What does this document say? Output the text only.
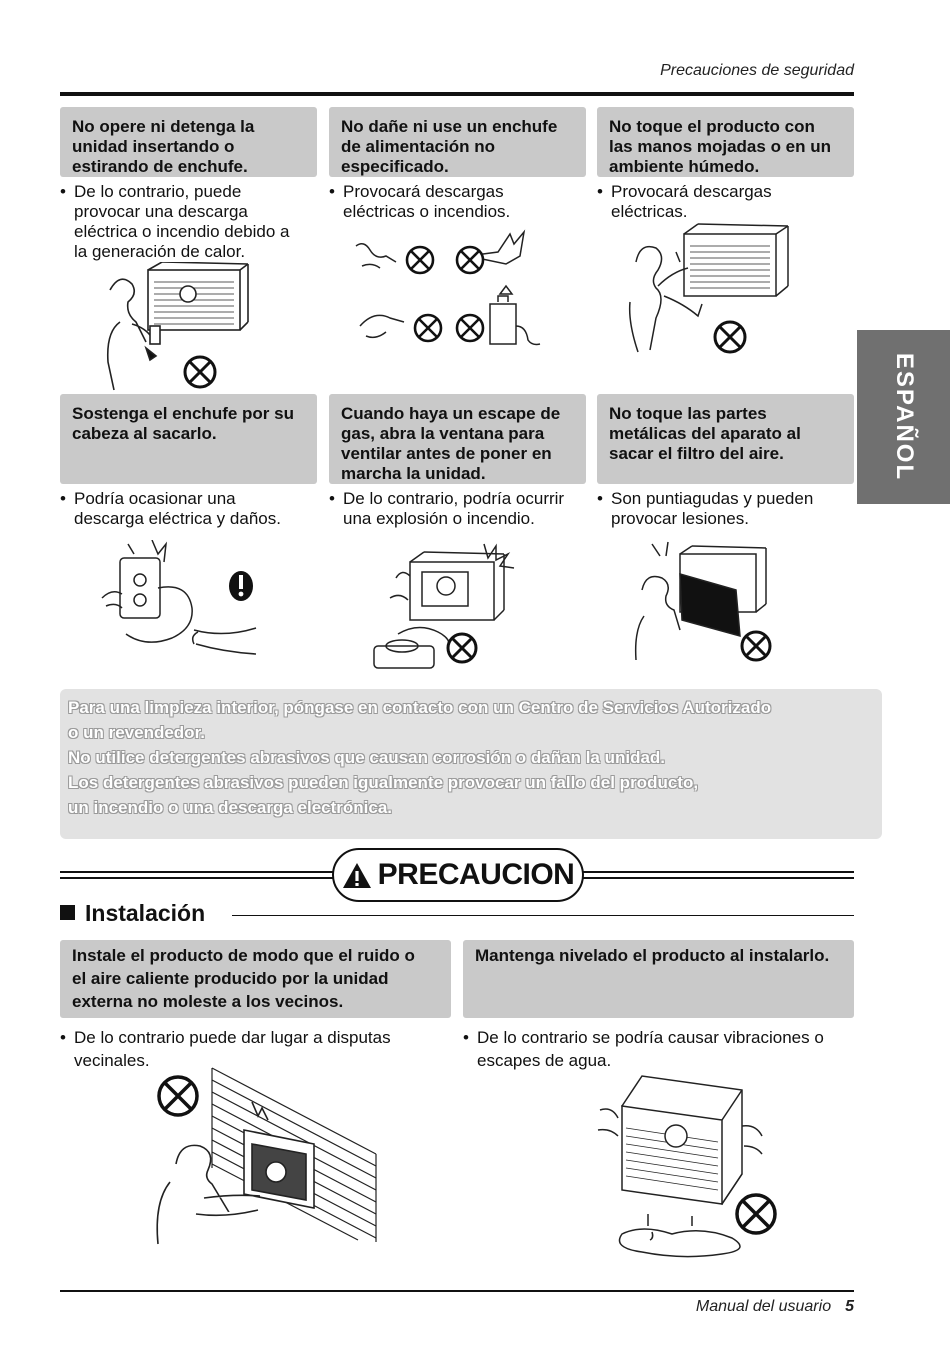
Precauciones de seguridad
ESPAÑOL
No opere ni detenga la
unidad insertando o
estirando de enchufe.
• De lo contrario, puede
provocar una descarga
eléctrica o incendio debido a
la generación de calor.
No dañe ni use un enchufe
de alimentación no
especificado.
• Provocará descargas
eléctricas o incendios.
No toque el producto con
las manos mojadas o en un
ambiente húmedo.
• Provocará descargas
eléctricas.
Sostenga el enchufe por su
cabeza al sacarlo.
• Podría ocasionar una
descarga eléctrica y daños.
Cuando haya un escape de
gas, abra la ventana para
ventilar antes de poner en
marcha la unidad.
• De lo contrario, podría ocurrir
una explosión o incendio.
No toque las partes
metálicas del aparato al
sacar el filtro del aire.
• Son puntiagudas y pueden
provocar lesiones.
Para una limpieza interior, póngase en contacto con un Centro de Servicios Autorizado
o un revendedor.
No utilice detergentes abrasivos que causan corrosión o dañan la unidad.
Los detergentes abrasivos pueden igualmente provocar un fallo del producto,
un incendio o una descarga electrónica.
PRECAUCION
Instalación
Instale el producto de modo que el ruido o
el aire caliente producido por la unidad
externa no moleste a los vecinos.
• De lo contrario puede dar lugar a disputas
vecinales.
Mantenga nivelado el producto al instalarlo.
• De lo contrario se podría causar vibraciones o
escapes de agua.
Manual del usuario 5
